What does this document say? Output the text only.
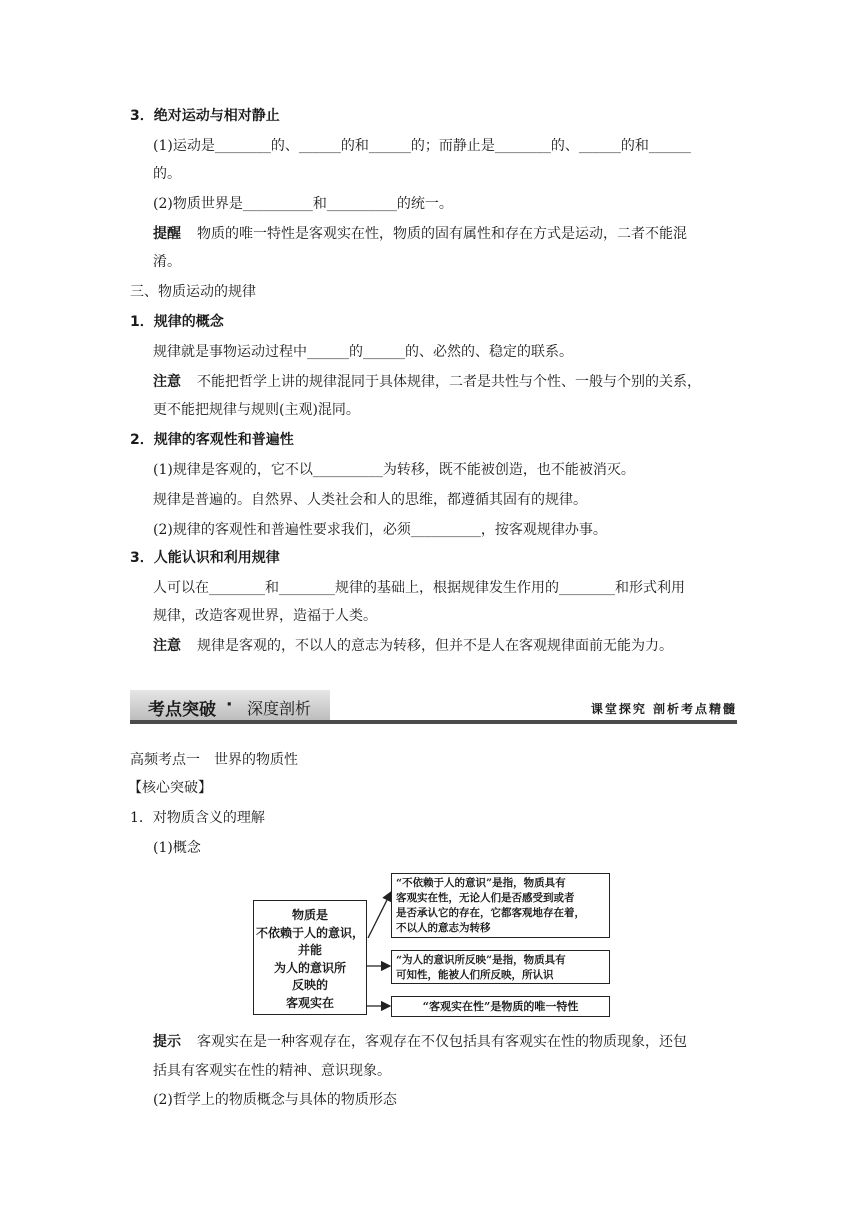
3．绝对运动与相对静止
(1)运动是________的、______的和______的；而静止是________的、______的和______
的。
(2)物质世界是__________和__________的统一。
提醒 物质的唯一特性是客观实在性，物质的固有属性和存在方式是运动，二者不能混
淆。
三、物质运动的规律
1．规律的概念
规律就是事物运动过程中______的______的、必然的、稳定的联系。
注意 不能把哲学上讲的规律混同于具体规律，二者是共性与个性、一般与个别的关系，
更不能把规律与规则(主观)混同。
2．规律的客观性和普遍性
(1)规律是客观的，它不以__________为转移，既不能被创造，也不能被消灭。
规律是普遍的。自然界、人类社会和人的思维，都遵循其固有的规律。
(2)规律的客观性和普遍性要求我们，必须__________，按客观规律办事。
3．人能认识和利用规律
人可以在________和________规律的基础上，根据规律发生作用的________和形式利用
规律，改造客观世界，造福于人类。
注意 规律是客观的，不以人的意志为转移，但并不是人在客观规律面前无能为力。
考点突破 · 深度剖析	课堂探究 剖析考点精髓
高频考点一　世界的物质性
【核心突破】
1．对物质含义的理解
(1)概念
物质是
不依赖于人的意识，
并能
为人的意识所
反映的
客观实在
“不依赖于人的意识”是指，物质具有
客观实在性，无论人们是否感受到或者
是否承认它的存在，它都客观地存在着，
不以人的意志为转移
“为人的意识所反映”是指，物质具有
可知性，能被人们所反映，所认识
“客观实在性”是物质的唯一特性
提示 客观实在是一种客观存在，客观存在不仅包括具有客观实在性的物质现象，还包
括具有客观实在性的精神、意识现象。
(2)哲学上的物质概念与具体的物质形态
